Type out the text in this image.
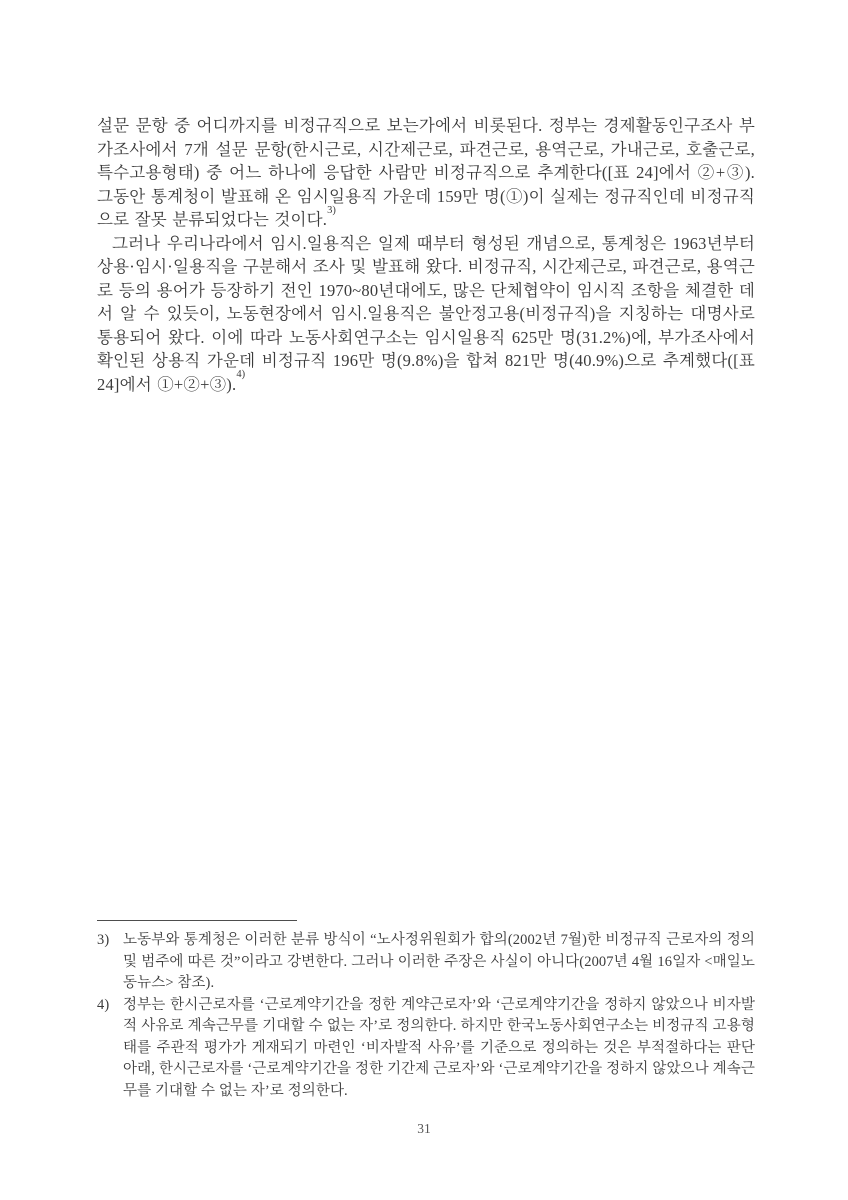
설문 문항 중 어디까지를 비정규직으로 보는가에서 비롯된다. 정부는 경제활동인구조사 부가조사에서 7개 설문 문항(한시근로, 시간제근로, 파견근로, 용역근로, 가내근로, 호출근로, 특수고용형태) 중 어느 하나에 응답한 사람만 비정규직으로 추계한다([표 24]에서 ②+③). 그동안 통계청이 발표해 온 임시일용직 가운데 159만 명(①)이 실제는 정규직인데 비정규직으로 잘못 분류되었다는 것이다.$^{3)}$

그러나 우리나라에서 임시.일용직은 일제 때부터 형성된 개념으로, 통계청은 1963년부터 상용·임시·일용직을 구분해서 조사 및 발표해 왔다. 비정규직, 시간제근로, 파견근로, 용역근로 등의 용어가 등장하기 전인 1970~80년대에도, 많은 단체협약이 임시직 조항을 체결한 데서 알 수 있듯이, 노동현장에서 임시.일용직은 불안정고용(비정규직)을 지칭하는 대명사로 통용되어 왔다. 이에 따라 노동사회연구소는 임시일용직 625만 명(31.2%)에, 부가조사에서 확인된 상용직 가운데 비정규직 196만 명(9.8%)을 합쳐 821만 명(40.9%)으로 추계했다([표 24]에서 ①+②+③).$^{4)}$

3) 노동부와 통계청은 이러한 분류 방식이 “노사정위원회가 합의(2002년 7월)한 비정규직 근로자의 정의 및 범주에 따른 것”이라고 강변한다. 그러나 이러한 주장은 사실이 아니다(2007년 4월 16일자 <매일노동뉴스> 참조).

4) 정부는 한시근로자를 ‘근로계약기간을 정한 계약근로자’와 ‘근로계약기간을 정하지 않았으나 비자발적 사유로 계속근무를 기대할 수 없는 자’로 정의한다. 하지만 한국노동사회연구소는 비정규직 고용형태를 주관적 평가가 게재되기 마련인 ‘비자발적 사유’를 기준으로 정의하는 것은 부적절하다는 판단 아래, 한시근로자를 ‘근로계약기간을 정한 기간제 근로자’와 ‘근로계약기간을 정하지 않았으나 계속근무를 기대할 수 없는 자’로 정의한다.

31
